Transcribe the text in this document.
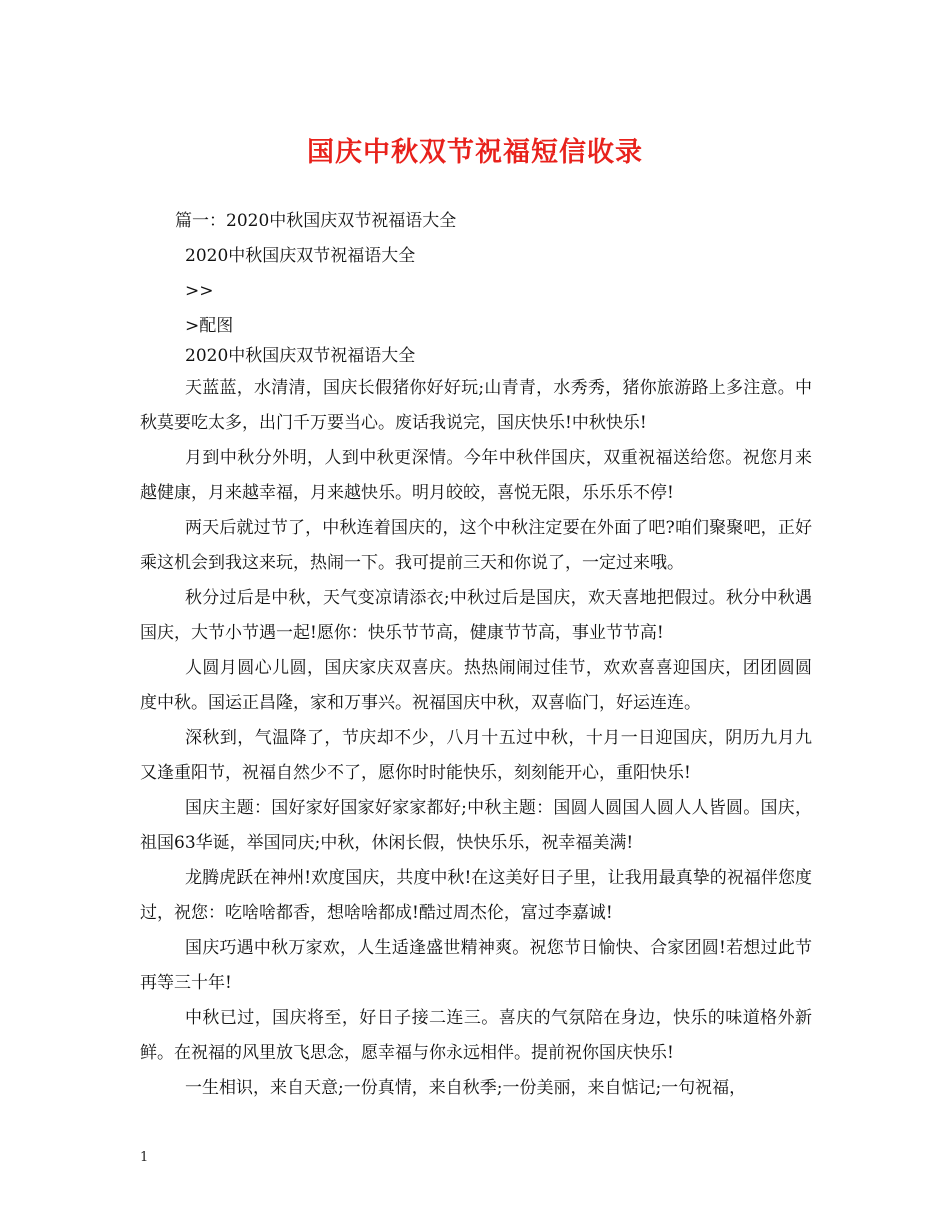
国庆中秋双节祝福短信收录

篇一：2020中秋国庆双节祝福语大全

2020中秋国庆双节祝福语大全

>>

>配图

2020中秋国庆双节祝福语大全

天蓝蓝，水清清，国庆长假猪你好好玩;山青青，水秀秀，猪你旅游路上多注意。中秋莫要吃太多，出门千万要当心。废话我说完，国庆快乐!中秋快乐!

月到中秋分外明，人到中秋更深情。今年中秋伴国庆，双重祝福送给您。祝您月来越健康，月来越幸福，月来越快乐。明月皎皎，喜悦无限，乐乐乐不停!

两天后就过节了，中秋连着国庆的，这个中秋注定要在外面了吧?咱们聚聚吧，正好乘这机会到我这来玩，热闹一下。我可提前三天和你说了，一定过来哦。

秋分过后是中秋，天气变凉请添衣;中秋过后是国庆，欢天喜地把假过。秋分中秋遇国庆，大节小节遇一起!愿你：快乐节节高，健康节节高，事业节节高!

人圆月圆心儿圆，国庆家庆双喜庆。热热闹闹过佳节，欢欢喜喜迎国庆，团团圆圆度中秋。国运正昌隆，家和万事兴。祝福国庆中秋，双喜临门，好运连连。

深秋到，气温降了，节庆却不少，八月十五过中秋，十月一日迎国庆，阴历九月九又逢重阳节，祝福自然少不了，愿你时时能快乐，刻刻能开心，重阳快乐!

国庆主题：国好家好国家好家家都好;中秋主题：国圆人圆国人圆人人皆圆。国庆，祖国63华诞，举国同庆;中秋，休闲长假，快快乐乐，祝幸福美满!

龙腾虎跃在神州!欢度国庆，共度中秋!在这美好日子里，让我用最真挚的祝福伴您度过，祝您：吃啥啥都香，想啥啥都成!酷过周杰伦，富过李嘉诚!

国庆巧遇中秋万家欢，人生适逢盛世精神爽。祝您节日愉快、合家团圆!若想过此节再等三十年!

中秋已过，国庆将至，好日子接二连三。喜庆的气氛陪在身边，快乐的味道格外新鲜。在祝福的风里放飞思念，愿幸福与你永远相伴。提前祝你国庆快乐!

一生相识，来自天意;一份真情，来自秋季;一份美丽，来自惦记;一句祝福，

1
